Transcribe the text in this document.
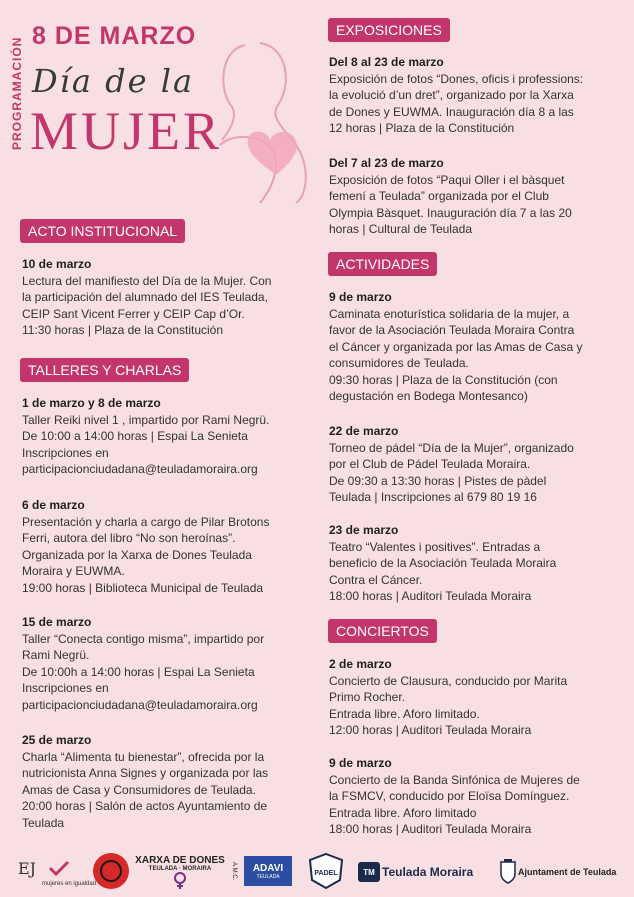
PROGRAMACIÓN
8 DE MARZO
Día de la
MUJER
ACTO INSTITUCIONAL
10 de marzo
Lectura del manifiesto del Día de la Mujer. Con
la participación del alumnado del IES Teulada,
CEIP Sant Vicent Ferrer y CEIP Cap d’Or.
11:30 horas | Plaza de la Constitución
TALLERES Y CHARLAS
1 de marzo y 8 de marzo
Taller Reiki nivel 1 , impartido por Rami Negrü.
De 10:00 a 14:00 horas | Espai La Senieta
Inscripciones en
participacionciudadana@teuladamoraira.org
6 de marzo
Presentación y charla a cargo de Pilar Brotons
Ferri, autora del libro “No son heroínas”.
Organizada por la Xarxa de Dones Teulada
Moraira y EUWMA.
19:00 horas | Biblioteca Municipal de Teulada
15 de marzo
Taller “Conecta contigo misma”, impartido por
Rami Negrü.
De 10:00h a 14:00 horas | Espai La Senieta
Inscripciones en
participacionciudadana@teuladamoraira.org
25 de marzo
Charla “Alimenta tu bienestar”, ofrecida por la
nutricionista Anna Signes y organizada por las
Amas de Casa y Consumidores de Teulada.
20:00 horas | Salón de actos Ayuntamiento de
Teulada
EXPOSICIONES
Del 8 al 23 de marzo
Exposición de fotos “Dones, oficis i professions:
la evolució d’un dret”, organizado por la Xarxa
de Dones y EUWMA. Inauguración día 8 a las
12 horas | Plaza de la Constitución
Del 7 al 23 de marzo
Exposición de fotos “Paqui Oller i el bàsquet
femení a Teulada” organizada por el Club
Olympia Bàsquet. Inauguración día 7 a las 20
horas | Cultural de Teulada
ACTIVIDADES
9 de marzo
Caminata enoturística solidaria de la mujer, a
favor de la Asociación Teulada Moraira Contra
el Cáncer y organizada por las Amas de Casa y
consumidores de Teulada.
09:30 horas | Plaza de la Constitución (con
degustación en Bodega Montesanco)
22 de marzo
Torneo de pádel “Día de la Mujer”, organizado
por el Club de Pádel Teulada Moraira.
De 09:30 a 13:30 horas | Pistes de pàdel
Teulada | Inscripciones al 679 80 19 16
23 de marzo
Teatro “Valentes i positives”. Entradas a
beneficio de la Asociación Teulada Moraira
Contra el Cáncer.
18:00 horas | Auditori Teulada Moraira
CONCIERTOS
2 de marzo
Concierto de Clausura, conducido por Marita
Primo Rocher.
Entrada libre. Aforo limitado.
12:00 horas | Auditori Teulada Moraira
9 de marzo
Concierto de la Banda Sinfónica de Mujeres de
la FSMCV, conducido por Eloïsa Domínguez.
Entrada libre. Aforo limitado
18:00 horas | Auditori Teulada Moraira
EJ
mujeres en igualdad
XARXA DE DONES
TEULADA · MORAIRA	A.M.C. ADAVI
TEULADA	PADEL	TM Teulada Moraira	Ajuntament de Teulada
